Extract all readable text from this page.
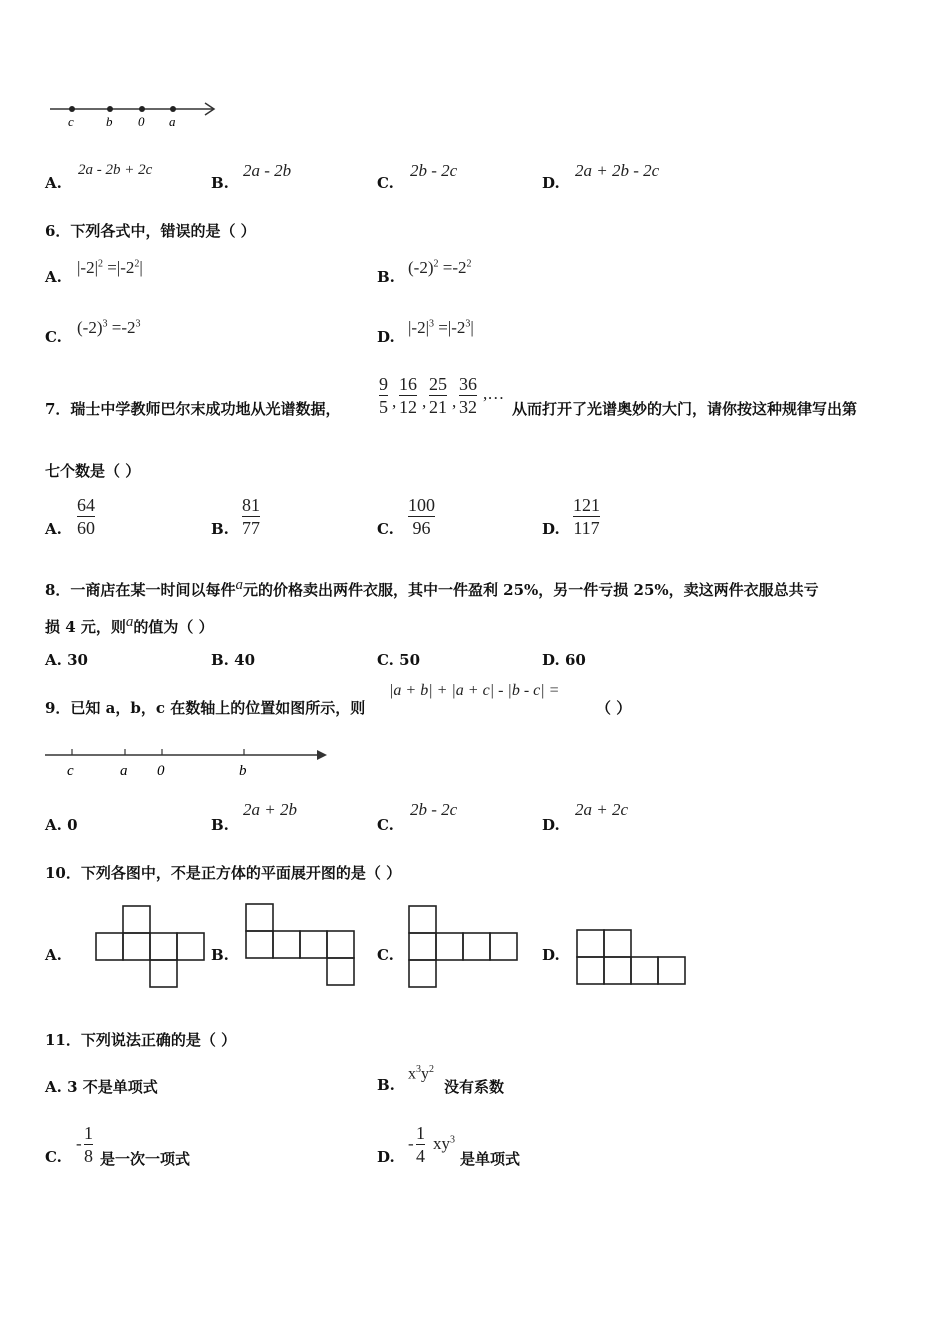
c b 0 a
A.
2a - 2b + 2c
B.
2a - 2b
C.
2b - 2c
D.
2a + 2b - 2c
6．下列各式中，错误的是（ ）
A. $|-2|^2 =|-2^2|$	B. $(-2)^2 =-2^2$
C. $(-2)^3 =-2^3$
D. $|-2|^3 =|-2^3|$
7．瑞士中学教师巴尔末成功地从光谱数据，
9
5 ,
16
12 ,
25
21 ,
36
32
,…
从而打开了光谱奥妙的大门，请你按这种规律写出第
七个数是（ ）
A.
64
60	B.
81
77	C.
100
96	D.
121
117
8．一商店在某一时间以每件a元的价格卖出两件衣服，其中一件盈利 25%，另一件亏损 25%，卖这两件衣服总共亏
损 4 元，则a的值为（ ）
A. 30	B. 40	C. 50	D. 60
9．已知 a，b，c 在数轴上的位置如图所示，则
|a + b| + |a + c| - |b - c| =
（ ）
c	a 0	b
A. 0	B.
2a + 2b
C.
2b - 2c
D.
2a + 2c
10．下列各图中，不是正方体的平面展开图的是（ ）
A.	B.	C.	D.
11．下列说法正确的是（ ）
A. 3 不是单项式	B.
$x^3y^2$
没有系数
C.
-
1
8 是一次一项式	D.
-
1
4
$xy^3$
是单项式
